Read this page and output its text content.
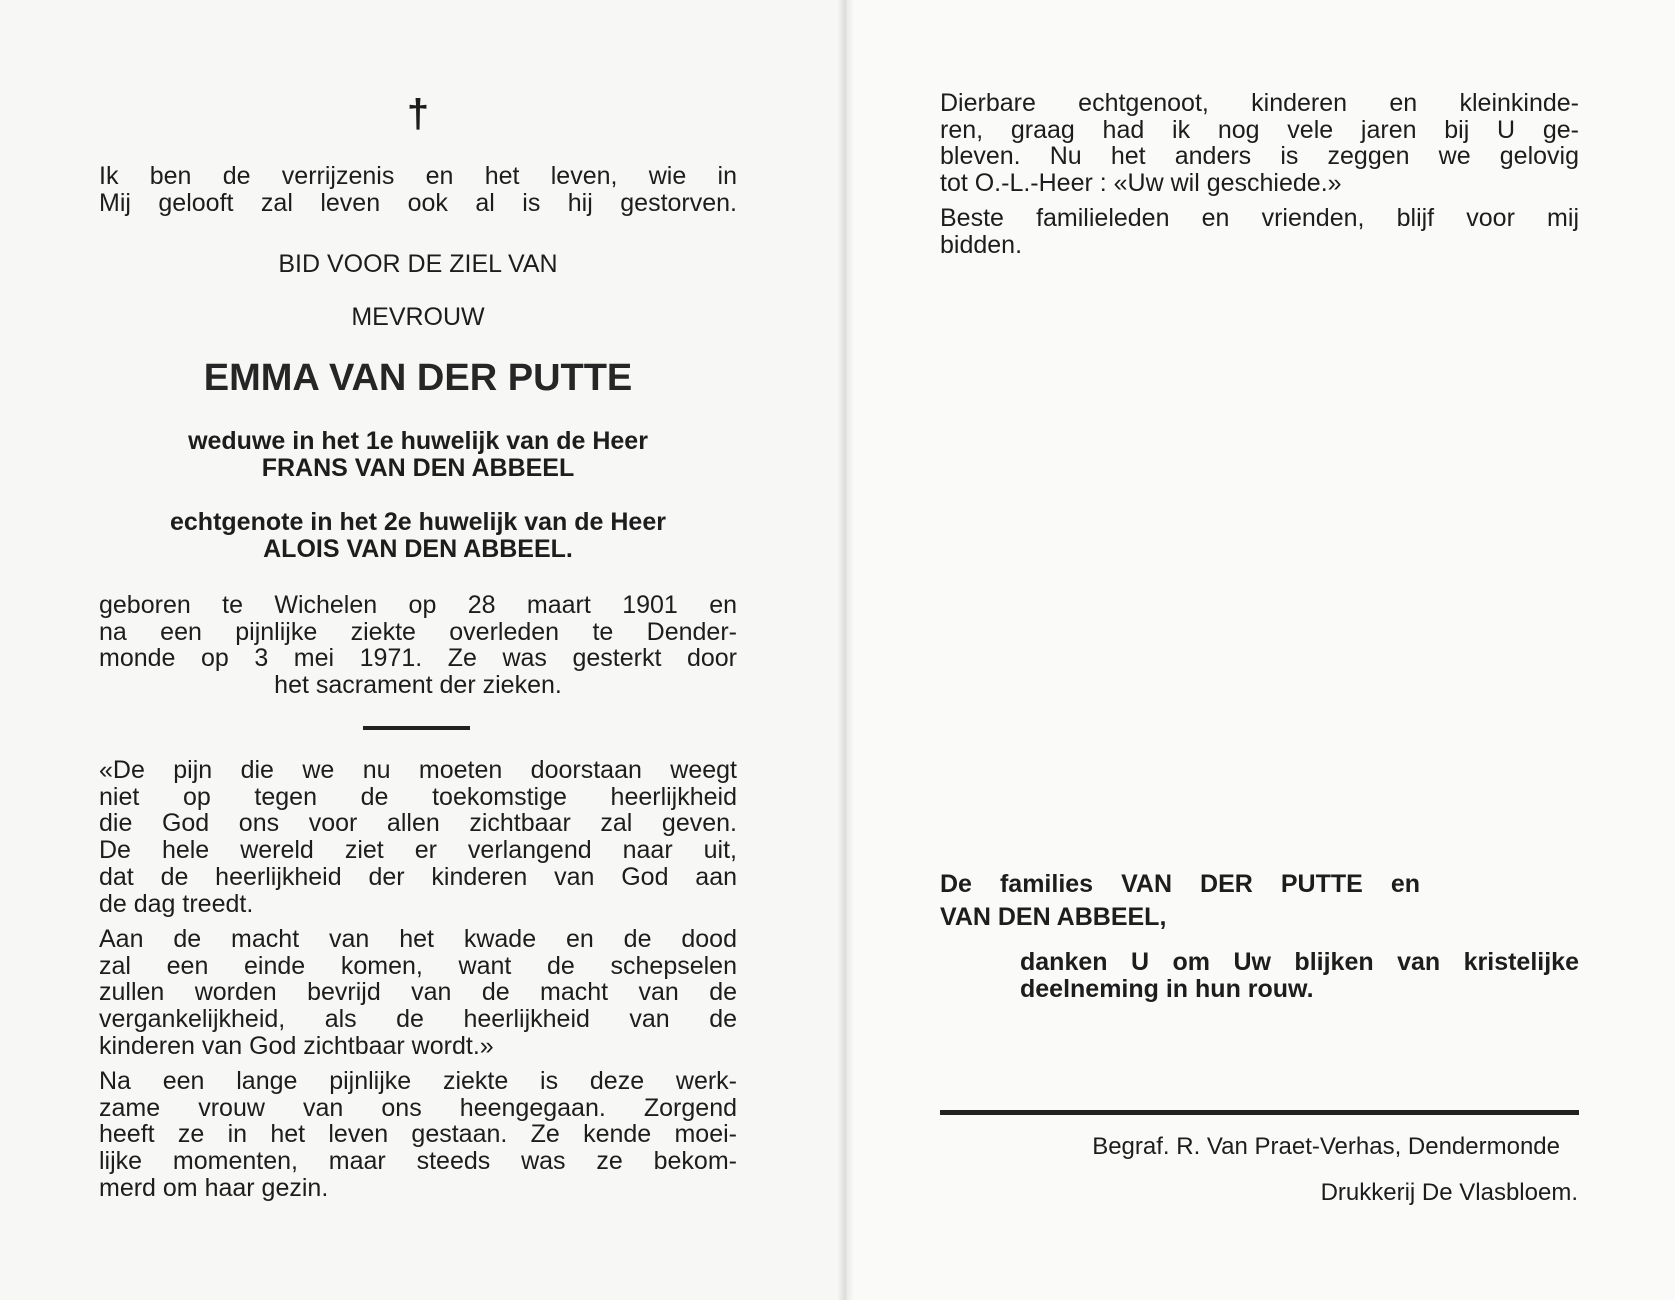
†
Ik ben de verrijzenis en het leven, wie in
Mij gelooft zal leven ook al is hij gestorven.
BID VOOR DE ZIEL VAN
MEVROUW
EMMA VAN DER PUTTE
weduwe in het 1e huwelijk van de Heer
FRANS VAN DEN ABBEEL
echtgenote in het 2e huwelijk van de Heer
ALOIS VAN DEN ABBEEL.
geboren te Wichelen op 28 maart 1901 en
na een pijnlijke ziekte overleden te Dender-
monde op 3 mei 1971. Ze was gesterkt door
het sacrament der zieken.
«De pijn die we nu moeten doorstaan weegt
niet op tegen de toekomstige heerlijkheid
die God ons voor allen zichtbaar zal geven.
De hele wereld ziet er verlangend naar uit,
dat de heerlijkheid der kinderen van God aan
de dag treedt.
Aan de macht van het kwade en de dood
zal een einde komen, want de schepselen
zullen worden bevrijd van de macht van de
vergankelijkheid, als de heerlijkheid van de
kinderen van God zichtbaar wordt.»
Na een lange pijnlijke ziekte is deze werk-
zame vrouw van ons heengegaan. Zorgend
heeft ze in het leven gestaan. Ze kende moei-
lijke momenten, maar steeds was ze bekom-
merd om haar gezin.
Dierbare echtgenoot, kinderen en kleinkinde-
ren, graag had ik nog vele jaren bij U ge-
bleven. Nu het anders is zeggen we gelovig
tot O.-L.-Heer : «Uw wil geschiede.»
Beste familieleden en vrienden, blijf voor mij
bidden.
De families VAN DER PUTTE en
VAN DEN ABBEEL,
danken U om Uw blijken van kristelijke
deelneming in hun rouw.
Begraf. R. Van Praet-Verhas, Dendermonde
Drukkerij De Vlasbloem.
